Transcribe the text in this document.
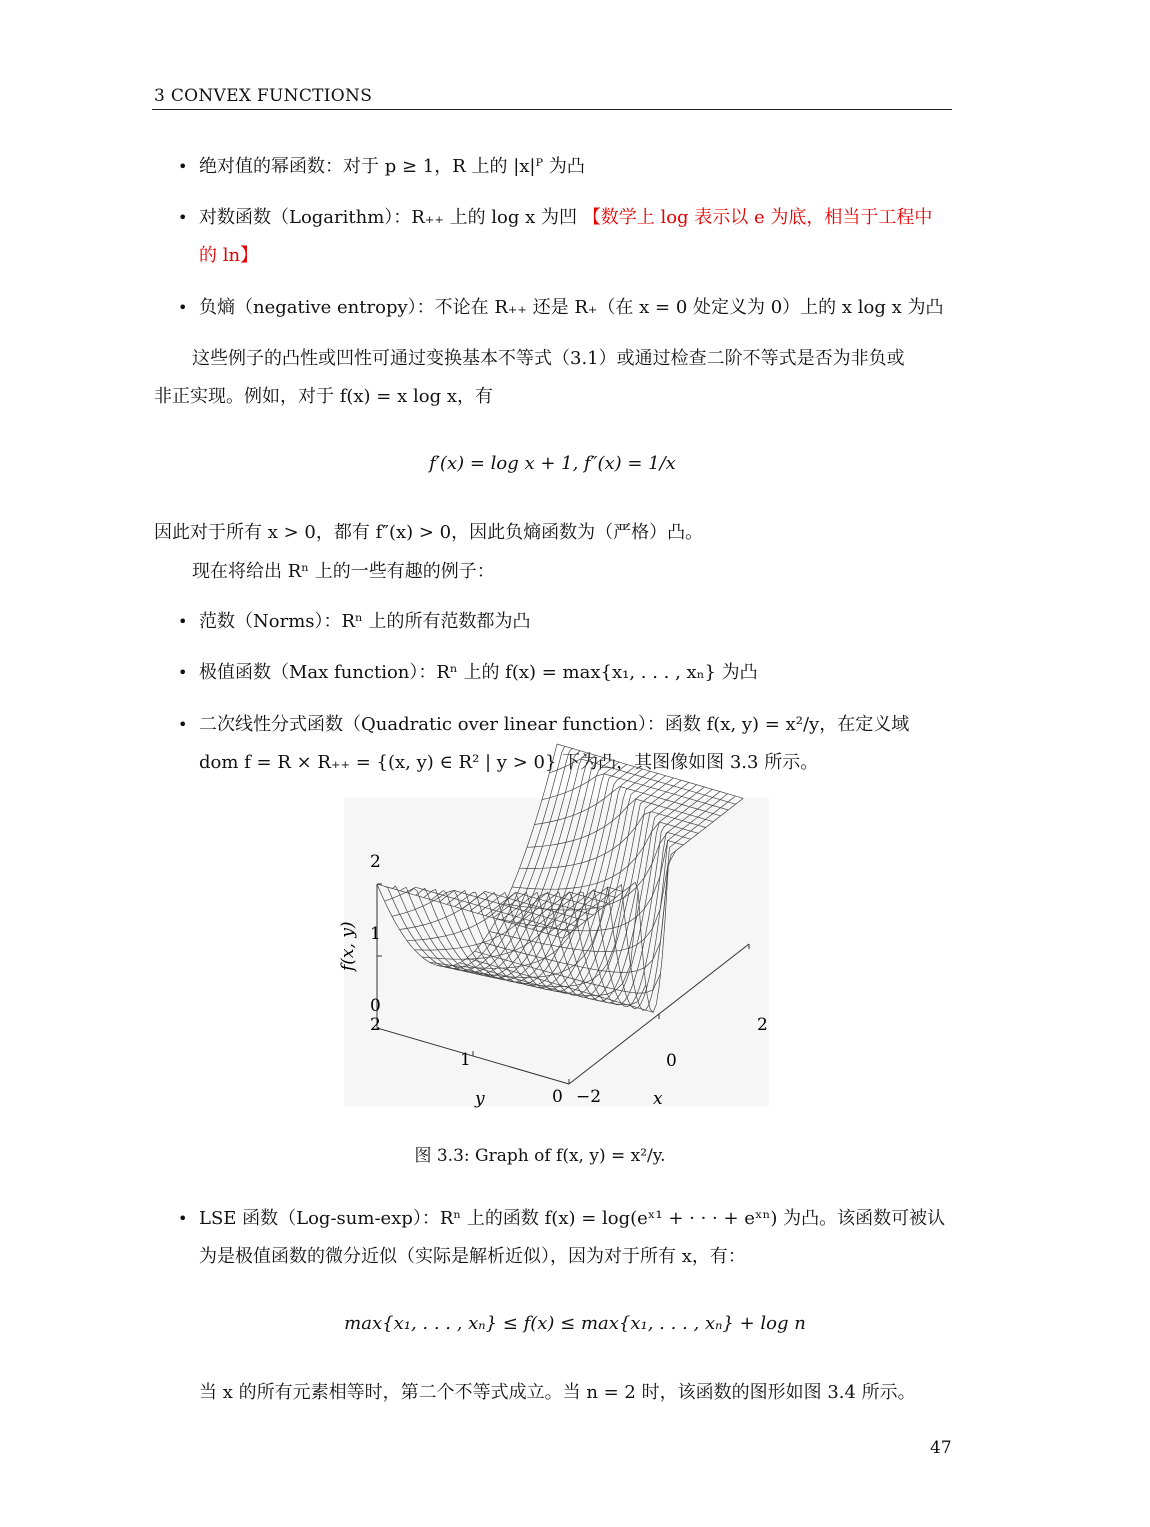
3 CONVEX FUNCTIONS
• 绝对值的幂函数：对于 p ≥ 1，R 上的 |x|ᴾ 为凸
• 对数函数（Logarithm）：R₊₊ 上的 log x 为凹 【数学上 log 表示以 e 为底，相当于工程中
的 ln】
• 负熵（negative entropy）：不论在 R₊₊ 还是 R₊（在 x = 0 处定义为 0）上的 x log x 为凸
这些例子的凸性或凹性可通过变换基本不等式（3.1）或通过检查二阶不等式是否为非负或
非正实现。例如，对于 f(x) = x log x，有
f′(x) = log x + 1, f″(x) = 1/x
因此对于所有 x > 0，都有 f″(x) > 0，因此负熵函数为（严格）凸。
现在将给出 Rⁿ 上的一些有趣的例子：
• 范数（Norms）：Rⁿ 上的所有范数都为凸
• 极值函数（Max function）：Rⁿ 上的 f(x) = max{x₁, . . . , xₙ} 为凸
• 二次线性分式函数（Quadratic over linear function）：函数 f(x, y) = x²/y，在定义域
dom f = R × R₊₊ = {(x, y) ∈ R² | y > 0} 下为凸，其图像如图 3.3 所示。
2
1
0
2
1
0 −2
0
2
y	x
f(x, y)
图 3.3: Graph of f(x, y) = x²/y.
• LSE 函数（Log-sum-exp）：Rⁿ 上的函数 f(x) = log(eˣ¹ + · · · + eˣⁿ) 为凸。该函数可被认
为是极值函数的微分近似（实际是解析近似），因为对于所有 x，有：
max{x₁, . . . , xₙ} ≤ f(x) ≤ max{x₁, . . . , xₙ} + log n
当 x 的所有元素相等时，第二个不等式成立。当 n = 2 时，该函数的图形如图 3.4 所示。
47
